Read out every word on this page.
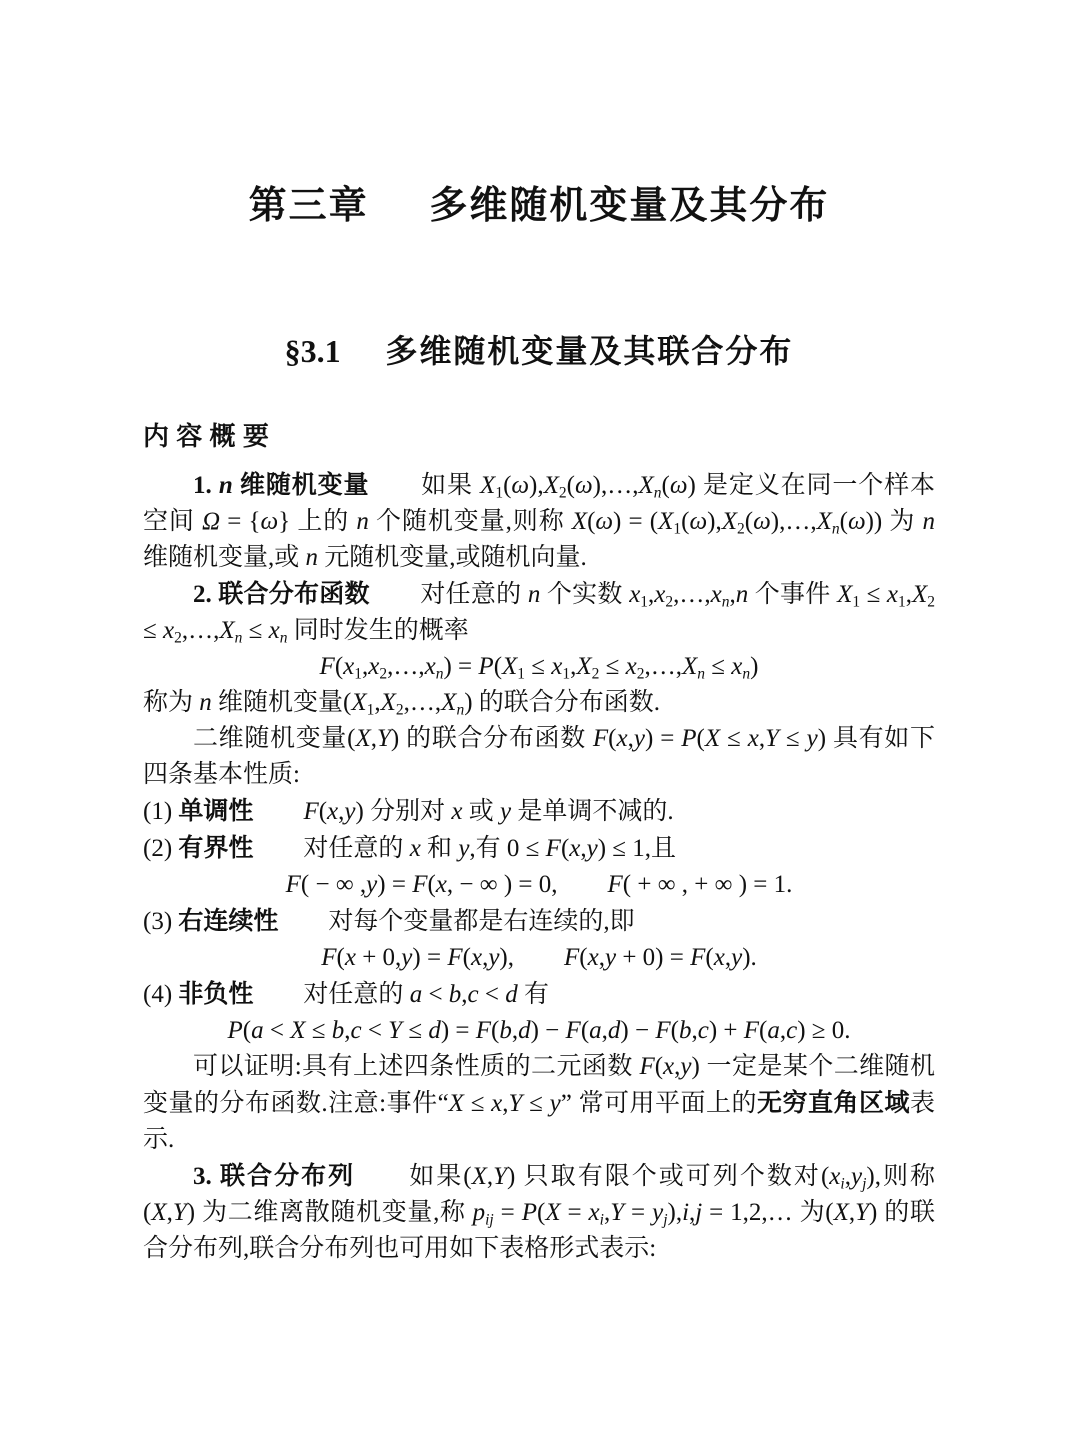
第三章 多维随机变量及其分布
§3.1 多维随机变量及其联合分布
内容概要

1. n 维随机变量　　如果 X1(ω),X2(ω),…,Xn(ω) 是定义在同一个样本空间 Ω = {ω} 上的 n 个随机变量,则称 X(ω) = (X1(ω),X2(ω),…,Xn(ω)) 为 n 维随机变量,或 n 元随机变量,或随机向量.

2. 联合分布函数　　对任意的 n 个实数 x1,x2,…,xn,n 个事件 X1 ≤ x1,X2 ≤ x2,…,Xn ≤ xn 同时发生的概率

F(x1,x2,…,xn) = P(X1 ≤ x1,X2 ≤ x2,…,Xn ≤ xn)

称为 n 维随机变量(X1,X2,…,Xn) 的联合分布函数.

二维随机变量(X,Y) 的联合分布函数 F(x,y) = P(X ≤ x,Y ≤ y) 具有如下四条基本性质:

(1) 单调性　　 F(x,y) 分别对 x 或 y 是单调不减的.

(2) 有界性　　对任意的 x 和 y,有 0 ≤ F(x,y) ≤ 1,且

F( − ∞ ,y) = F(x, − ∞ ) = 0,　　F( + ∞ , + ∞ ) = 1.

(3) 右连续性　　对每个变量都是右连续的,即

F(x + 0,y) = F(x,y),　　F(x,y + 0) = F(x,y).

(4) 非负性　　对任意的 a < b,c < d 有

P(a < X ≤ b,c < Y ≤ d) = F(b,d) − F(a,d) − F(b,c) + F(a,c) ≥ 0.

可以证明:具有上述四条性质的二元函数 F(x,y) 一定是某个二维随机变量的分布函数.注意:事件“X ≤ x,Y ≤ y” 常可用平面上的无穷直角区域表示.

3. 联合分布列　　如果(X,Y) 只取有限个或可列个数对(xi,yj),则称(X,Y) 为二维离散随机变量,称 pij = P(X = xi,Y = yj),i,j = 1,2,… 为(X,Y) 的联合分布列,联合分布列也可用如下表格形式表示:
